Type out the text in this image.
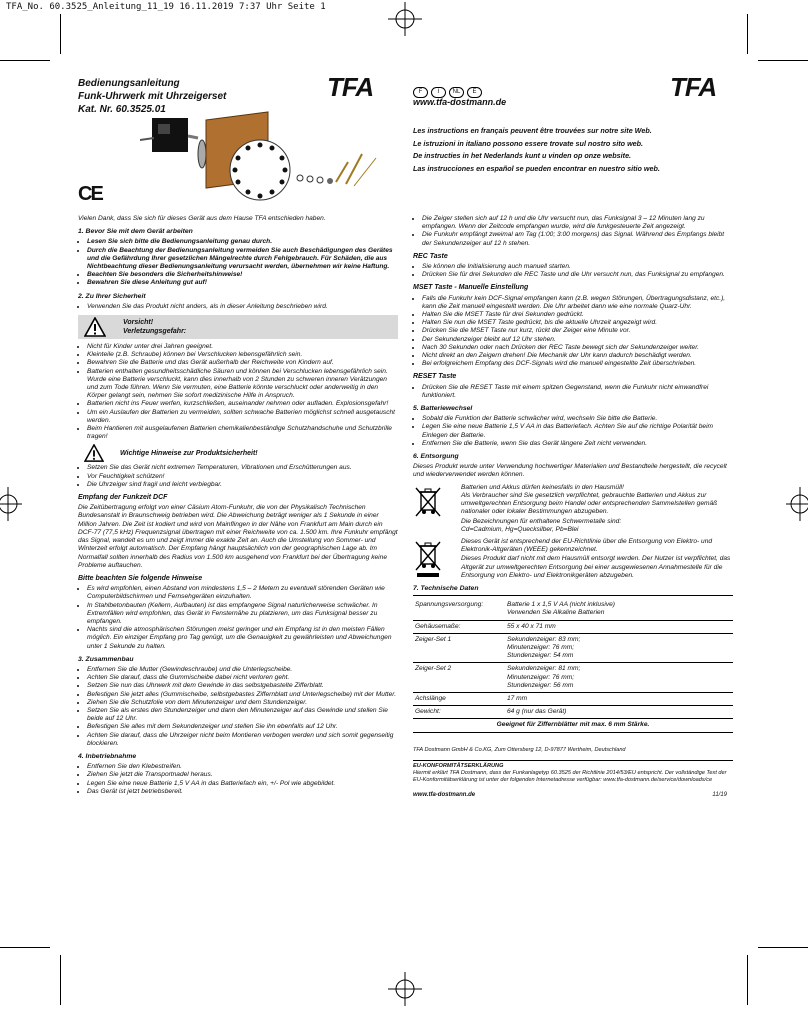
TFA_No. 60.3525_Anleitung_11_19 16.11.2019 7:37 Uhr Seite 1
Bedienungsanleitung
Funk-Uhrwerk mit Uhrzeigerset
Kat. Nr. 60.3525.01
TFA	TFA
CE
F	I NL E
www.tfa-dostmann.de
Les instructions en français peuvent être trouvées sur notre site Web.
Le istruzioni in italiano possono essere trovate sul nostro sito web.
De instructies in het Nederlands kunt u vinden op onze website.
Las instrucciones en español se pueden encontrar en nuestro sitio web.

Vielen Dank, dass Sie sich für dieses Gerät aus dem Hause TFA entschieden haben.

1. Bevor Sie mit dem Gerät arbeiten
• Lesen Sie sich bitte die Bedienungsanleitung genau durch.
• Durch die Beachtung der Bedienungsanleitung vermeiden Sie auch Beschädigungen des Gerätes und die Gefährdung Ihrer gesetzlichen Mängelrechte durch Fehlgebrauch. Für Schäden, die aus Nichtbeachtung dieser Bedienungsanleitung verursacht werden, übernehmen wir keine Haftung.
• Beachten Sie besonders die Sicherheitshinweise!
• Bewahren Sie diese Anleitung gut auf!
2. Zu Ihrer Sicherheit
• Verwenden Sie das Produkt nicht anders, als in dieser Anleitung beschrieben wird.
Vorsicht!
Verletzungsgefahr:
• Nicht für Kinder unter drei Jahren geeignet.
• Kleinteile (z.B. Schraube) können bei Verschlucken lebensgefährlich sein.
• Bewahren Sie die Batterie und das Gerät außerhalb der Reichweite von Kindern auf.
• Batterien enthalten gesundheitsschädliche Säuren und können bei Verschlucken lebensgefährlich sein. Wurde eine Batterie verschluckt, kann dies innerhalb von 2 Stunden zu schweren inneren Verätzungen und zum Tode führen. Wenn Sie vermuten, eine Batterie könnte verschluckt oder anderweitig in den Körper gelangt sein, nehmen Sie sofort medizinische Hilfe in Anspruch.
• Batterien nicht ins Feuer werfen, kurzschließen, auseinander nehmen oder aufladen. Explosionsgefahr!
• Um ein Auslaufen der Batterien zu vermeiden, sollten schwache Batterien möglichst schnell ausgetauscht werden.
• Beim Hantieren mit ausgelaufenen Batterien chemikalienbeständige Schutzhandschuhe und Schutzbrille tragen!
Wichtige Hinweise zur Produktsicherheit!
• Setzen Sie das Gerät nicht extremen Temperaturen, Vibrationen und Erschütterungen aus.
• Vor Feuchtigkeit schützen!
• Die Uhrzeiger sind fragil und leicht verbiegbar.
Empfang der Funkzeit DCF

Die Zeitübertragung erfolgt von einer Cäsium Atom-Funkuhr, die von der Physikalisch Technischen Bundesanstalt in Braunschweig betrieben wird. Die Abweichung beträgt weniger als 1 Sekunde in einer Million Jahren. Die Zeit ist kodiert und wird von Mainflingen in der Nähe von Frankfurt am Main durch ein DCF-77 (77,5 kHz) Frequenzsignal übertragen mit einer Reichweite von ca. 1.500 km. Ihre Funkuhr empfängt das Signal, wandelt es um und zeigt immer die exakte Zeit an. Auch die Umstellung von Sommer- und Winterzeit erfolgt automatisch. Der Empfang hängt hauptsächlich von der geographischen Lage ab. Im Normalfall sollten innerhalb des Radius von 1.500 km ausgehend von Frankfurt bei der Übertragung keine Probleme auftauchen.

Bitte beachten Sie folgende Hinweise
• Es wird empfohlen, einen Abstand von mindestens 1,5 – 2 Metern zu eventuell störenden Geräten wie Computerbildschirmen und Fernsehgeräten einzuhalten.
• In Stahlbetonbauten (Kellern, Aufbauten) ist das empfangene Signal naturlicherweise schwächer. In Extremfällen wird empfohlen, das Gerät in Fensternähe zu platzieren, um das Funksignal besser zu empfangen.
• Nachts sind die atmosphärischen Störungen meist geringer und ein Empfang ist in den meisten Fällen möglich. Ein einziger Empfang pro Tag genügt, um die Genauigkeit zu gewährleisten und Abweichungen unter 1 Sekunde zu halten.
3. Zusammenbau
• Entfernen Sie die Mutter (Gewindeschraube) und die Unterlegscheibe.
• Achten Sie darauf, dass die Gummischeibe dabei nicht verloren geht.
• Setzen Sie nun das Uhrwerk mit dem Gewinde in das selbstgebastelte Zifferblatt.
• Befestigen Sie jetzt alles (Gummischeibe, selbstgebastes Ziffernblatt und Unterlegscheibe) mit der Mutter.
• Ziehen Sie die Schutzfolie von dem Minutenzeiger und dem Stundenzeiger.
• Setzen Sie als erstes den Stundenzeiger und dann den Minutenzeiger auf das Gewinde und stellen Sie beide auf 12 Uhr.
• Befestigen Sie alles mit dem Sekundenzeiger und stellen Sie ihn ebenfalls auf 12 Uhr.
• Achten Sie darauf, dass die Uhrzeiger nicht beim Montieren verbogen werden und sich somit gegenseitig blockieren.
4. Inbetriebnahme
• Entfernen Sie den Klebestreifen.
• Ziehen Sie jetzt die Transportnadel heraus.
• Legen Sie eine neue Batterie 1,5 V AA in das Batteriefach ein, +/- Pol wie abgebildet.
• Das Gerät ist jetzt betriebsbereit.
• Die Zeiger stellen sich auf 12 h und die Uhr versucht nun, das Funksignal 3 – 12 Minuten lang zu empfangen. Wenn der Zeitcode empfangen wurde, wird die funkgesteuerte Zeit angezeigt.
• Die Funkuhr empfängt zweimal am Tag (1:00; 3:00 morgens) das Signal. Während des Empfangs bleibt der Sekundenzeiger auf 12 h stehen.
REC Taste
• Sie können die Initialisierung auch manuell starten.
• Drücken Sie für drei Sekunden die REC Taste und die Uhr versucht nun, das Funksignal zu empfangen.
MSET Taste - Manuelle Einstellung
• Falls die Funkuhr kein DCF-Signal empfangen kann (z.B. wegen Störungen, Übertragungsdistanz, etc.), kann die Zeit manuell eingestellt werden. Die Uhr arbeitet dann wie eine normale Quarz-Uhr.
• Halten Sie die MSET Taste für drei Sekunden gedrückt.
• Halten Sie nun die MSET Taste gedrückt, bis die aktuelle Uhrzeit angezeigt wird.
• Drücken Sie die MSET Taste nur kurz, rückt der Zeiger eine Minute vor.
• Der Sekundenzeiger bleibt auf 12 Uhr stehen.
• Nach 30 Sekunden oder nach Drücken der REC Taste bewegt sich der Sekundenzeiger weiter.
• Nicht direkt an den Zeigern drehen! Die Mechanik der Uhr kann dadurch beschädigt werden.
• Bei erfolgreichem Empfang des DCF-Signals wird die manuell eingestellte Zeit überschrieben.
RESET Taste
• Drücken Sie die RESET Taste mit einem spitzen Gegenstand, wenn die Funkuhr nicht einwandfrei funktioniert.
5. Batteriewechsel
• Sobald die Funktion der Batterie schwächer wird, wechseln Sie bitte die Batterie.
• Legen Sie eine neue Batterie 1,5 V AA in das Batteriefach. Achten Sie auf die richtige Polarität beim Einlegen der Batterie.
• Entfernen Sie die Batterie, wenn Sie das Gerät längere Zeit nicht verwenden.
6. Entsorgung

Dieses Produkt wurde unter Verwendung hochwertiger Materialien und Bestandteile hergestellt, die recycelt und wiederverwendet werden können.

Batterien und Akkus dürfen keinesfalls in den Hausmüll!

Als Verbraucher sind Sie gesetzlich verpflichtet, gebrauchte Batterien und Akkus zur umweltgerechten Entsorgung beim Handel oder entsprechenden Sammelstellen gemäß nationaler oder lokaler Bestimmungen abzugeben.

Die Bezeichnungen für enthaltene Schwermetalle sind:

Cd=Cadmium, Hg=Quecksilber, Pb=Blei

Dieses Gerät ist entsprechend der EU-Richtlinie über die Entsorgung von Elektro- und Elektronik-Altgeräten (WEEE) gekennzeichnet.

Dieses Produkt darf nicht mit dem Hausmüll entsorgt werden. Der Nutzer ist verpflichtet, das Altgerät zur umweltgerechten Entsorgung bei einer ausgewiesenen Annahmestelle für die Entsorgung von Elektro- und Elektronikgeräten abzugeben.

7. Technische Daten
Spannungsversorgung:	Batterie 1 x 1,5 V AA (nicht inklusive)
Verwenden Sie Alkaline Batterien

Gehäusemaße:	55 x 40 x 71 mm

Zeiger-Set 1	Sekundenzeiger: 83 mm;
Minutenzeiger: 76 mm;
Stundenzeiger: 54 mm

Zeiger-Set 2	Sekundenzeiger: 81 mm;
Minutenzeiger: 76 mm;
Stundenzeiger: 56 mm

Achslänge	17 mm

Gewicht:	64 g (nur das Gerät)

Geeignet für Ziffernblätter mit max. 6 mm Stärke.	

TFA Dostmann GmbH & Co.KG, Zum Ottersberg 12, D-97877 Wertheim, Deutschland

EU-KONFORMITÄTSERKLÄRUNG

Hiermit erklärt TFA Dostmann, dass der Funkanlagetyp 60.3525 der Richtlinie 2014/53/EU entspricht. Der vollständige Text der EU-Konformitätserklärung ist unter der folgenden Internetadresse verfügbar: www.tfa-dostmann.de/service/downloads/ce

www.tfa-dostmann.de	11/19
